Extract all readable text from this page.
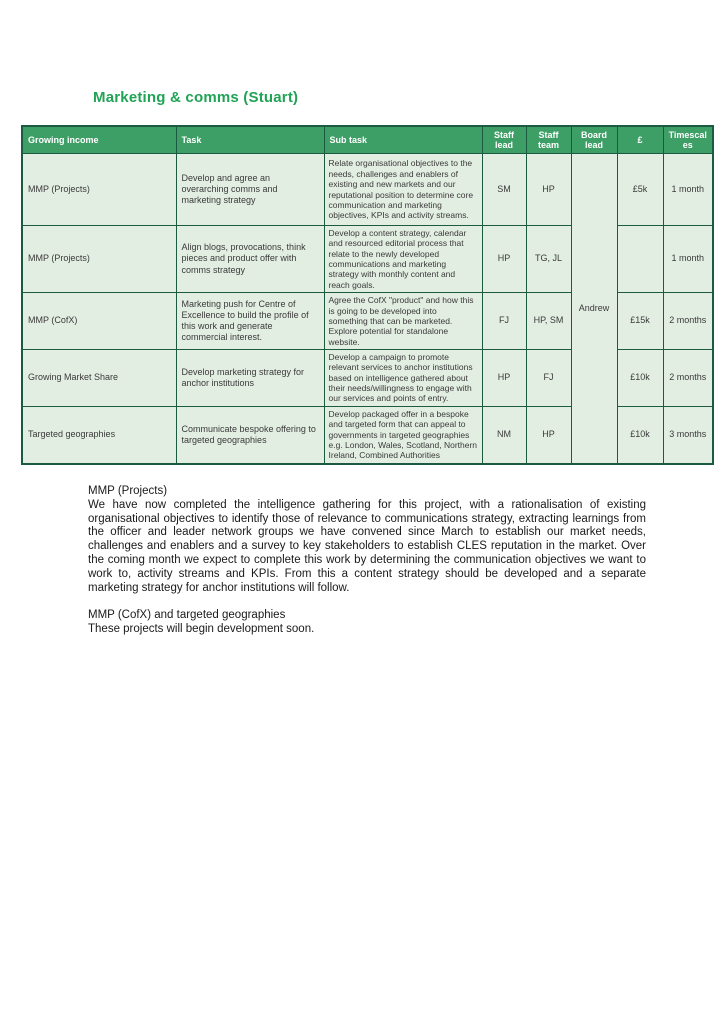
Marketing & comms (Stuart)
Growing income	Task	Sub task	Staff lead	Staff team	Board lead	£	Timescales
MMP (Projects)	Develop and agree an overarching comms and marketing strategy	Relate organisational objectives to the needs, challenges and enablers of existing and new markets and our reputational position to determine core communication and marketing objectives, KPIs and activity streams.	SM	HP	Andrew	£5k	1 month
MMP (Projects)	Align blogs, provocations, think pieces and product offer with comms strategy	Develop a content strategy, calendar and resourced editorial process that relate to the newly developed communications and marketing strategy with monthly content and reach goals.	HP	TG, JL			1 month
MMP (CofX)	Marketing push for Centre of Excellence to build the profile of this work and generate commercial interest.	Agree the CofX "product" and how this is going to be developed into something that can be marketed. Explore potential for standalone website.	FJ	HP, SM		£15k	2 months
Growing Market Share	Develop marketing strategy for anchor institutions	Develop a campaign to promote relevant services to anchor institutions based on intelligence gathered about their needs/willingness to engage with our services and points of entry.	HP	FJ		£10k	2 months
Targeted geographies	Communicate bespoke offering to targeted geographies	Develop packaged offer in a bespoke and targeted form that can appeal to governments in targeted geographies e.g. London, Wales, Scotland, Northern Ireland, Combined Authorities	NM	HP		£10k	3 months
MMP (Projects)
We have now completed the intelligence gathering for this project, with a rationalisation of existing organisational objectives to identify those of relevance to communications strategy, extracting learnings from the officer and leader network groups we have convened since March to establish our market needs, challenges and enablers and a survey to key stakeholders to establish CLES reputation in the market. Over the coming month we expect to complete this work by determining the communication objectives we want to work to, activity streams and KPIs. From this a content strategy should be developed and a separate marketing strategy for anchor institutions will follow.
MMP (CofX) and targeted geographies
These projects will begin development soon.
